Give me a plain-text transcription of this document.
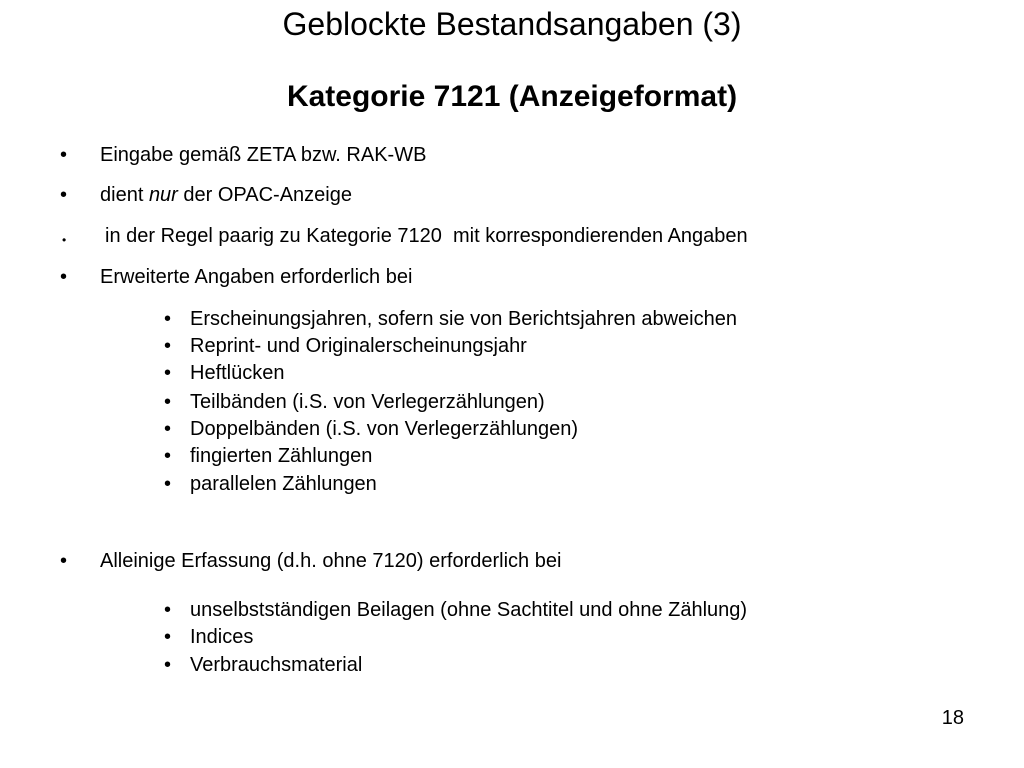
Geblockte Bestandsangaben (3)
Kategorie 7121 (Anzeigeformat)
• Eingabe gemäß ZETA bzw. RAK-WB
• dient nur der OPAC-Anzeige
• in der Regel paarig zu Kategorie 7120  mit korrespondierenden Angaben
• Erweiterte Angaben erforderlich bei
• Erscheinungsjahren, sofern sie von Berichtsjahren abweichen
• Reprint- und Originalerscheinungsjahr
• Heftlücken
• Teilbänden (i.S. von Verlegerzählungen)
• Doppelbänden (i.S. von Verlegerzählungen)
• fingierten Zählungen
• parallelen Zählungen
• Alleinige Erfassung (d.h. ohne 7120) erforderlich bei
• unselbstständigen Beilagen (ohne Sachtitel und ohne Zählung)
• Indices
• Verbrauchsmaterial
18
